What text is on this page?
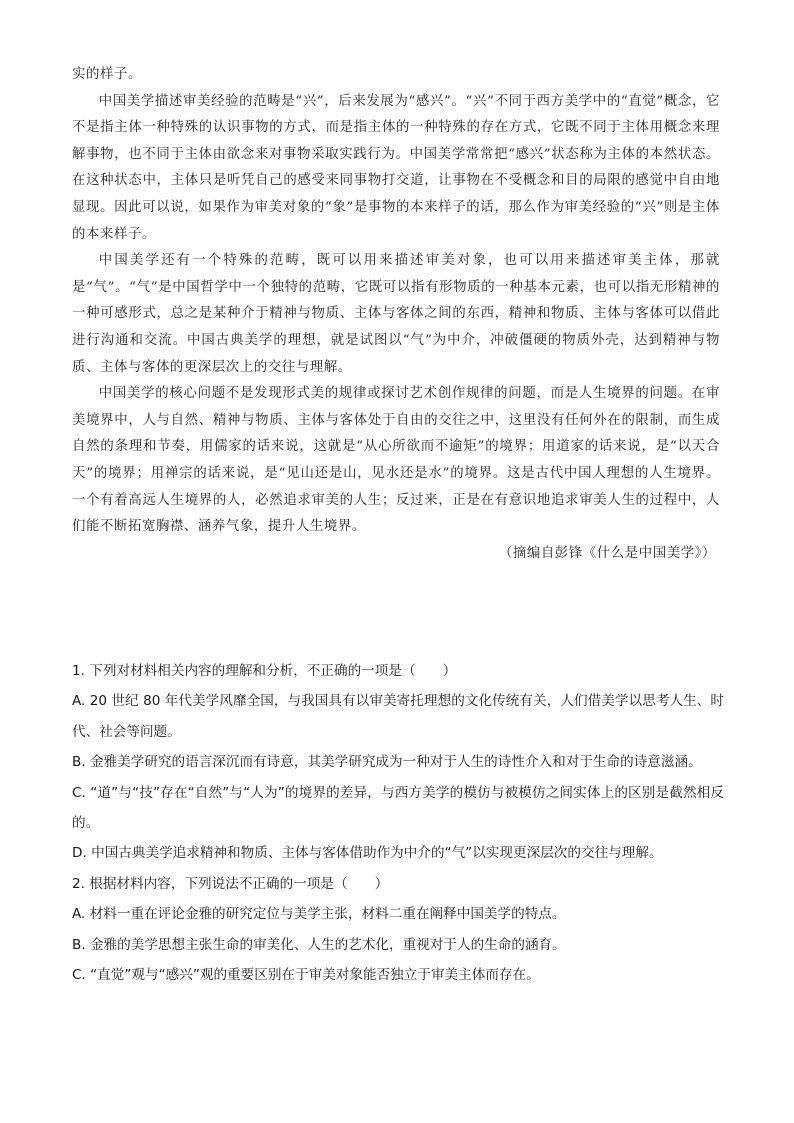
实的样子。

中国美学描述审美经验的范畴是“兴”，后来发展为“感兴”。“兴”不同于西方美学中的“直觉”概念，它不是指主体一种特殊的认识事物的方式，而是指主体的一种特殊的存在方式，它既不同于主体用概念来理解事物，也不同于主体由欲念来对事物采取实践行为。中国美学常常把“感兴”状态称为主体的本然状态。在这种状态中，主体只是听凭自己的感受来同事物打交道，让事物在不受概念和目的局限的感觉中自由地显现。因此可以说，如果作为审美对象的“象”是事物的本来样子的话，那么作为审美经验的“兴”则是主体的本来样子。

中国美学还有一个特殊的范畴，既可以用来描述审美对象，也可以用来描述审美主体，那就是“气”。“气”是中国哲学中一个独特的范畴，它既可以指有形物质的一种基本元素，也可以指无形精神的一种可感形式，总之是某种介于精神与物质、主体与客体之间的东西，精神和物质、主体与客体可以借此进行沟通和交流。中国古典美学的理想，就是试图以“气”为中介，冲破僵硬的物质外壳，达到精神与物质、主体与客体的更深层次上的交往与理解。

中国美学的核心问题不是发现形式美的规律或探讨艺术创作规律的问题，而是人生境界的问题。在审美境界中，人与自然、精神与物质、主体与客体处于自由的交往之中，这里没有任何外在的限制，而生成自然的条理和节奏，用儒家的话来说，这就是“从心所欲而不逾矩”的境界；用道家的话来说，是“以天合天”的境界；用禅宗的话来说，是“见山还是山，见水还是水”的境界。这是古代中国人理想的人生境界。一个有着高远人生境界的人，必然追求审美的人生；反过来，正是在有意识地追求审美人生的过程中，人们能不断拓宽胸襟、涵养气象，提升人生境界。

（摘编自彭锋《什么是中国美学》）

1. 下列对材料相关内容的理解和分析，不正确的一项是（　　）

A. 20 世纪 80 年代美学风靡全国，与我国具有以审美寄托理想的文化传统有关，人们借美学以思考人生、时代、社会等问题。

B. 金雅美学研究的语言深沉而有诗意，其美学研究成为一种对于人生的诗性介入和对于生命的诗意滋涵。

C. “道”与“技”存在“自然”与“人为”的境界的差异，与西方美学的模仿与被模仿之间实体上的区别是截然相反的。

D. 中国古典美学追求精神和物质、主体与客体借助作为中介的“气”以实现更深层次的交往与理解。

2. 根据材料内容，下列说法不正确的一项是（　　）

A. 材料一重在评论金雅的研究定位与美学主张，材料二重在阐释中国美学的特点。

B. 金雅的美学思想主张生命的审美化、人生的艺术化，重视对于人的生命的涵育。

C. “直觉”观与“感兴”观的重要区别在于审美对象能否独立于审美主体而存在。
